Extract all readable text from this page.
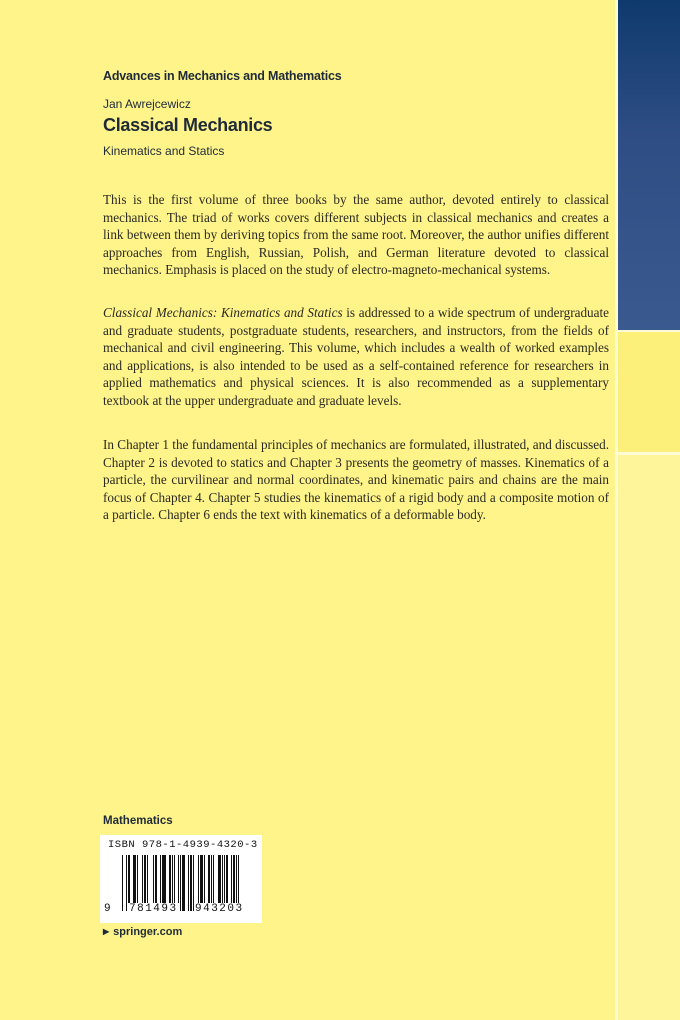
Advances in Mechanics and Mathematics
Jan Awrejcewicz
Classical Mechanics
Kinematics and Statics

This is the first volume of three books by the same author, devoted entirely to classical mechanics. The triad of works covers different subjects in classical mechanics and creates a link between them by deriving topics from the same root. Moreover, the author unifies different approaches from English, Russian, Polish, and German literature devoted to classical mechanics. Emphasis is placed on the study of electro-magneto-mechanical systems.

Classical Mechanics: Kinematics and Statics is addressed to a wide spectrum of undergraduate and graduate students, postgraduate students, researchers, and instructors, from the fields of mechanical and civil engineering. This volume, which includes a wealth of worked examples and applications, is also intended to be used as a self-contained reference for researchers in applied mathematics and physical sciences. It is also recommended as a supplementary textbook at the upper undergraduate and graduate levels.

In Chapter 1 the fundamental principles of mechanics are formulated, illustrated, and discussed. Chapter 2 is devoted to statics and Chapter 3 presents the geometry of masses. Kinematics of a particle, the curvilinear and normal coordinates, and kinematic pairs and chains are the main focus of Chapter 4. Chapter 5 studies the kinematics of a rigid body and a composite motion of a particle. Chapter 6 ends the text with kinematics of a deformable body.

Mathematics
ISBN 978-1-4939-4320-3
9 781493 943203
▶ springer.com
